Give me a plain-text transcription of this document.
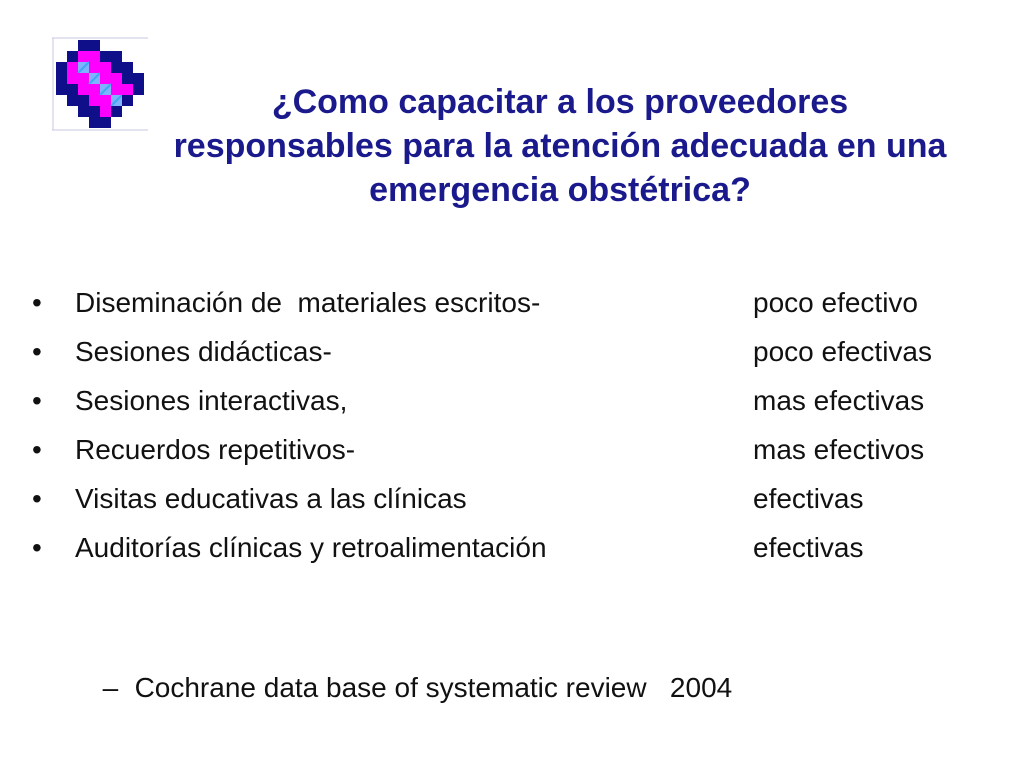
¿Como capacitar a los proveedores
responsables para la atención adecuada en una
emergencia obstétrica?
•	Diseminación de  materiales escritos-	poco efectivo
•	Sesiones didácticas-	poco efectivas
•	Sesiones interactivas,	mas efectivas
•	Recuerdos repetitivos-	mas efectivos
•	Visitas educativas a las clínicas	efectivas
•	Auditorías clínicas y retroalimentación	efectivas

– Cochrane data base of systematic review   2004
